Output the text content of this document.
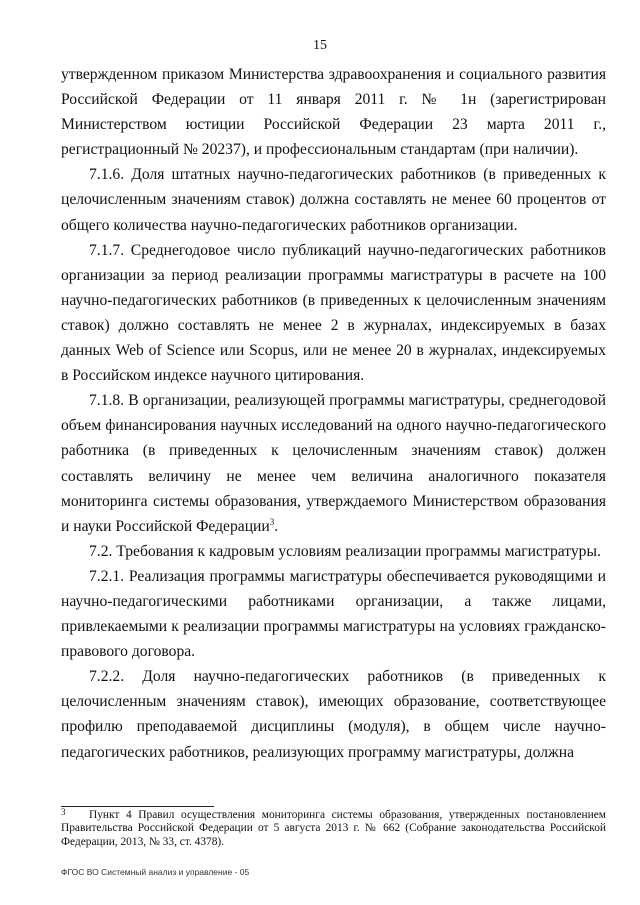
15

утвержденном приказом Министерства здравоохранения и социального развития Российской Федерации от 11 января 2011 г. № 1н (зарегистрирован Министерством юстиции Российской Федерации 23 марта 2011 г., регистрационный № 20237), и профессиональным стандартам (при наличии).

7.1.6. Доля штатных научно-педагогических работников (в приведенных к целочисленным значениям ставок) должна составлять не менее 60 процентов от общего количества научно-педагогических работников организации.

7.1.7. Среднегодовое число публикаций научно-педагогических работников организации за период реализации программы магистратуры в расчете на 100 научно-педагогических работников (в приведенных к целочисленным значениям ставок) должно составлять не менее 2 в журналах, индексируемых в базах данных Web of Science или Scopus, или не менее 20 в журналах, индексируемых в Российском индексе научного цитирования.

7.1.8. В организации, реализующей программы магистратуры, среднегодовой объем финансирования научных исследований на одного научно-педагогического работника (в приведенных к целочисленным значениям ставок) должен составлять величину не менее чем величина аналогичного показателя мониторинга системы образования, утверждаемого Министерством образования и науки Российской Федерации$^3$.

7.2. Требования к кадровым условиям реализации программы магистратуры.

7.2.1. Реализация программы магистратуры обеспечивается руководящими и научно-педагогическими работниками организации, а также лицами, привлекаемыми к реализации программы магистратуры на условиях гражданско-правового договора.

7.2.2. Доля научно-педагогических работников (в приведенных к целочисленным значениям ставок), имеющих образование, соответствующее профилю преподаваемой дисциплины (модуля), в общем числе научно-педагогических работников, реализующих программу магистратуры, должна

3	Пункт 4 Правил осуществления мониторинга системы образования, утвержденных постановлением Правительства Российской Федерации от 5 августа 2013 г. № 662 (Собрание законодательства Российской Федерации, 2013, № 33, ст. 4378).

ФГОС ВО Системный анализ и управление - 05
